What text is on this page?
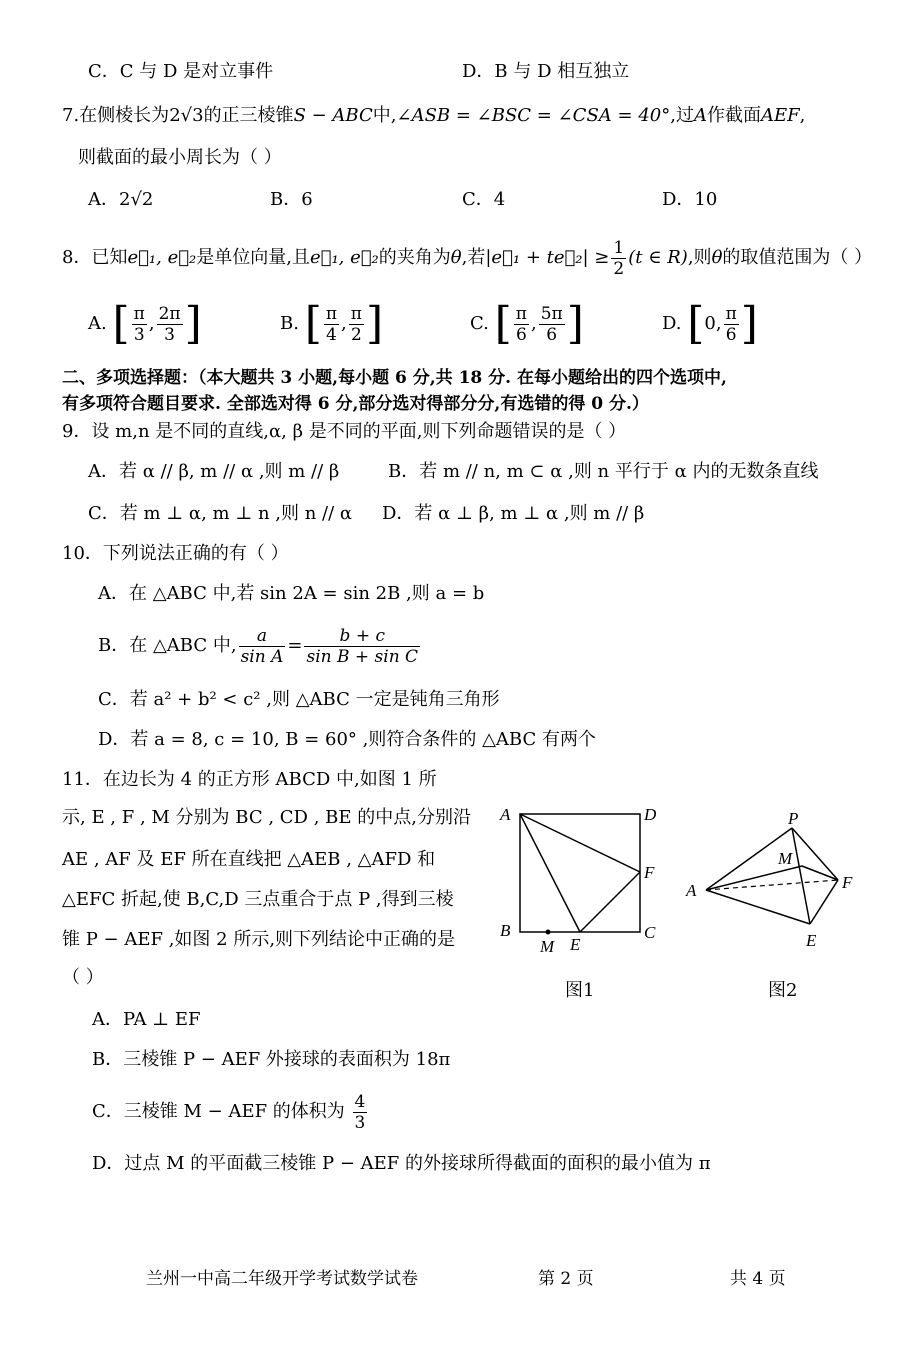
C．C 与 D 是对立事件	D．B 与 D 相互独立
7.在侧棱长为2√3的正三棱锥S − ABC中,∠ASB = ∠BSC = ∠CSA = 40°,过A作截面AEF,
则截面的最小周长为（ ）
A．2√2	B．6	C．4	D．10
8．已知e⃗₁, e⃗₂是单位向量,且e⃗₁, e⃗₂的夹角为θ,若|e⃗₁ + te⃗₂| ≥ $\frac{1}{2} (t$ ∈ R),则θ的取值范围为（ ）
A. [ $\frac{\pi}{3}$ , $\frac{2\pi}{3}$ ]	B. [ $\frac{\pi}{4}$ , $\frac{\pi}{2}$ ]	C. [ $\frac{\pi}{6}$ , $\frac{5\pi}{6}$ ]	D. [0, $\frac{\pi}{6}$ ]
二、多项选择题：（本大题共 3 小题,每小题 6 分,共 18 分. 在每小题给出的四个选项中,
有多项符合题目要求. 全部选对得 6 分,部分选对得部分分,有选错的得 0 分.）
9．设 m,n 是不同的直线,α, β 是不同的平面,则下列命题错误的是（ ）
A．若 α // β, m // α ,则 m // β	B．若 m // n, m ⊂ α ,则 n 平行于 α 内的无数条直线
C．若 m ⊥ α, m ⊥ n ,则 n // α D．若 α ⊥ β, m ⊥ α ,则 m // β
10．下列说法正确的有（ ）
A．在 △ABC 中,若 sin 2A = sin 2B ,则 a = b
B．在 △ABC 中, $\frac{a}{\text{sin A}} = \frac{b + c}{\text{sin B + sin C}}$
C．若 a² + b² < c² ,则 △ABC 一定是钝角三角形
D．若 a = 8, c = 10, B = 60° ,则符合条件的 △ABC 有两个
11．在边长为 4 的正方形 ABCD 中,如图 1 所
示, E , F , M 分别为 BC , CD , BE 的中点,分别沿
AE , AF 及 EF 所在直线把 △AEB , △AFD 和
△EFC 折起,使 B,C,D 三点重合于点 P ,得到三棱
锥 P − AEF ,如图 2 所示,则下列结论中正确的是
（ ）
A	D
F
B
M E
C
图1
P
M
A	F
E
图2
A．PA ⊥ EF
B．三棱锥 P − AEF 外接球的表面积为 18π
C．三棱锥 M − AEF 的体积为 $\frac{4}{3}$
D．过点 M 的平面截三棱锥 P − AEF 的外接球所得截面的面积的最小值为 π
兰州一中高二年级开学考试数学试卷	第 2 页	共 4 页
